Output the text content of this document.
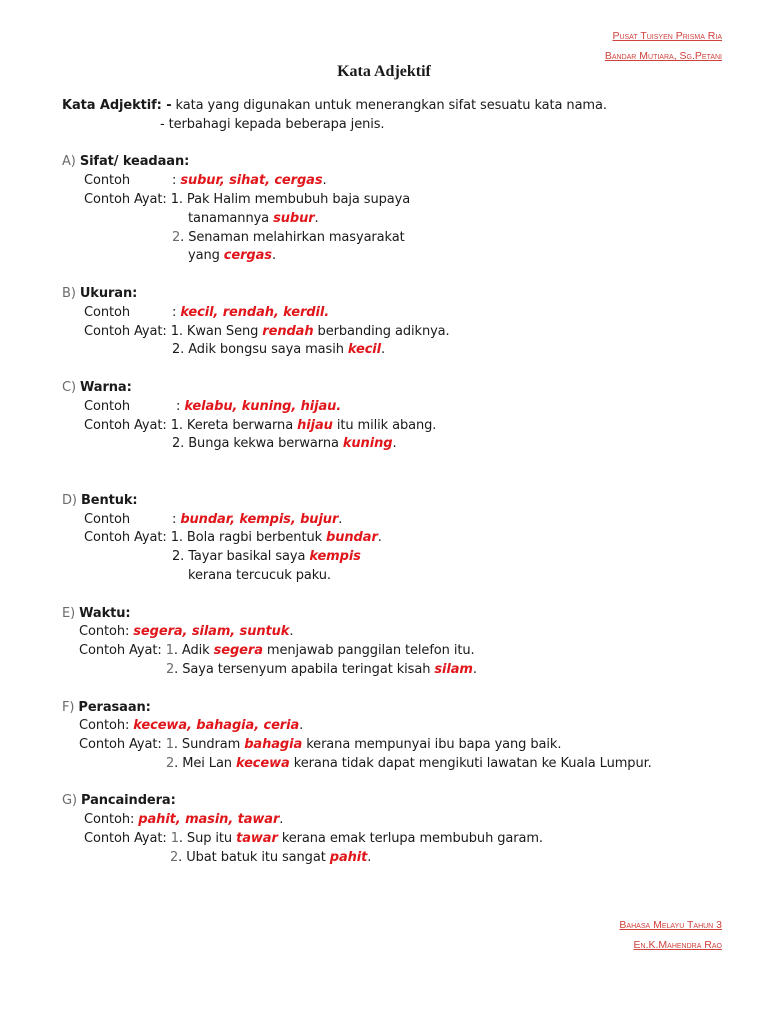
Pusat Tuisyen Prisma Ria
Bandar Mutiara, Sg.Petani
Kata Adjektif
Kata Adjektif: - kata yang digunakan untuk menerangkan sifat sesuatu kata nama.
- terbahagi kepada beberapa jenis.
A) Sifat/ keadaan:
Contoh	: subur, sihat, cergas.
Contoh Ayat: 1. Pak Halim membubuh baja supaya
tanamannya subur.
2. Senaman melahirkan masyarakat
yang cergas.
B) Ukuran:
Contoh	: kecil, rendah, kerdil.
Contoh Ayat: 1. Kwan Seng rendah berbanding adiknya.
2. Adik bongsu saya masih kecil.
C) Warna:
Contoh	: kelabu, kuning, hijau.
Contoh Ayat: 1. Kereta berwarna hijau itu milik abang.
2. Bunga kekwa berwarna kuning.
D) Bentuk:
Contoh	: bundar, kempis, bujur.
Contoh Ayat: 1. Bola ragbi berbentuk bundar.
2. Tayar basikal saya kempis
kerana tercucuk paku.
E) Waktu:
Contoh: segera, silam, suntuk.
Contoh Ayat: 1. Adik segera menjawab panggilan telefon itu.
2. Saya tersenyum apabila teringat kisah silam.
F) Perasaan:
Contoh: kecewa, bahagia, ceria.
Contoh Ayat: 1. Sundram bahagia kerana mempunyai ibu bapa yang baik.
2. Mei Lan kecewa kerana tidak dapat mengikuti lawatan ke Kuala Lumpur.
G) Pancaindera:
Contoh: pahit, masin, tawar.
Contoh Ayat: 1. Sup itu tawar kerana emak terlupa membubuh garam.
2. Ubat batuk itu sangat pahit.
Bahasa Melayu Tahun 3
En.K.Mahendra Rao
